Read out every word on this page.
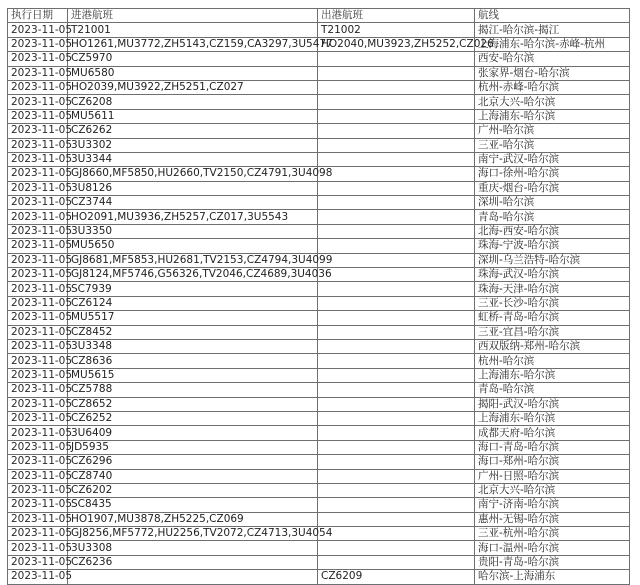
执行日期	进港航班	出港航班	航线
2023-11-05	T21001	T21002	揭江-哈尔滨-揭江
2023-11-05	HO1261,MU3772,ZH5143,CZ159,CA3297,3U5477	HO2040,MU3923,ZH5252,CZ026	上海浦东-哈尔滨-赤峰-杭州
2023-11-05	CZ5970		西安-哈尔滨
2023-11-05	MU6580		张家界-烟台-哈尔滨
2023-11-05	HO2039,MU3922,ZH5251,CZ027		杭州-赤峰-哈尔滨
2023-11-05	CZ6208		北京大兴-哈尔滨
2023-11-05	MU5611		上海浦东-哈尔滨
2023-11-05	CZ6262		广州-哈尔滨
2023-11-05	3U3302		三亚-哈尔滨
2023-11-05	3U3344		南宁-武汉-哈尔滨
2023-11-05	GJ8660,MF5850,HU2660,TV2150,CZ4791,3U4098		海口-徐州-哈尔滨
2023-11-05	3U8126		重庆-烟台-哈尔滨
2023-11-05	CZ3744		深圳-哈尔滨
2023-11-05	HO2091,MU3936,ZH5257,CZ017,3U5543		青岛-哈尔滨
2023-11-05	3U3350		北海-西安-哈尔滨
2023-11-05	MU5650		珠海-宁波-哈尔滨
2023-11-05	GJ8681,MF5853,HU2681,TV2153,CZ4794,3U4099		深圳-乌兰浩特-哈尔滨
2023-11-05	GJ8124,MF5746,G56326,TV2046,CZ4689,3U4036		珠海-武汉-哈尔滨
2023-11-05	SC7939		珠海-天津-哈尔滨
2023-11-05	CZ6124		三亚-长沙-哈尔滨
2023-11-05	MU5517		虹桥-青岛-哈尔滨
2023-11-05	CZ8452		三亚-宜昌-哈尔滨
2023-11-05	3U3348		西双版纳-郑州-哈尔滨
2023-11-05	CZ8636		杭州-哈尔滨
2023-11-05	MU5615		上海浦东-哈尔滨
2023-11-05	CZ5788		青岛-哈尔滨
2023-11-05	CZ8652		揭阳-武汉-哈尔滨
2023-11-05	CZ6252		上海浦东-哈尔滨
2023-11-05	3U6409		成都天府-哈尔滨
2023-11-05	JD5935		海口-青岛-哈尔滨
2023-11-05	CZ6296		海口-郑州-哈尔滨
2023-11-05	CZ8740		广州-日照-哈尔滨
2023-11-05	CZ6202		北京大兴-哈尔滨
2023-11-05	SC8435		南宁-济南-哈尔滨
2023-11-05	HO1907,MU3878,ZH5225,CZ069		惠州-无锡-哈尔滨
2023-11-05	GJ8256,MF5772,HU2256,TV2072,CZ4713,3U4054		三亚-杭州-哈尔滨
2023-11-05	3U3308		海口-温州-哈尔滨
2023-11-05	CZ6236		贵阳-青岛-哈尔滨
2023-11-05		CZ6209	哈尔滨-上海浦东
